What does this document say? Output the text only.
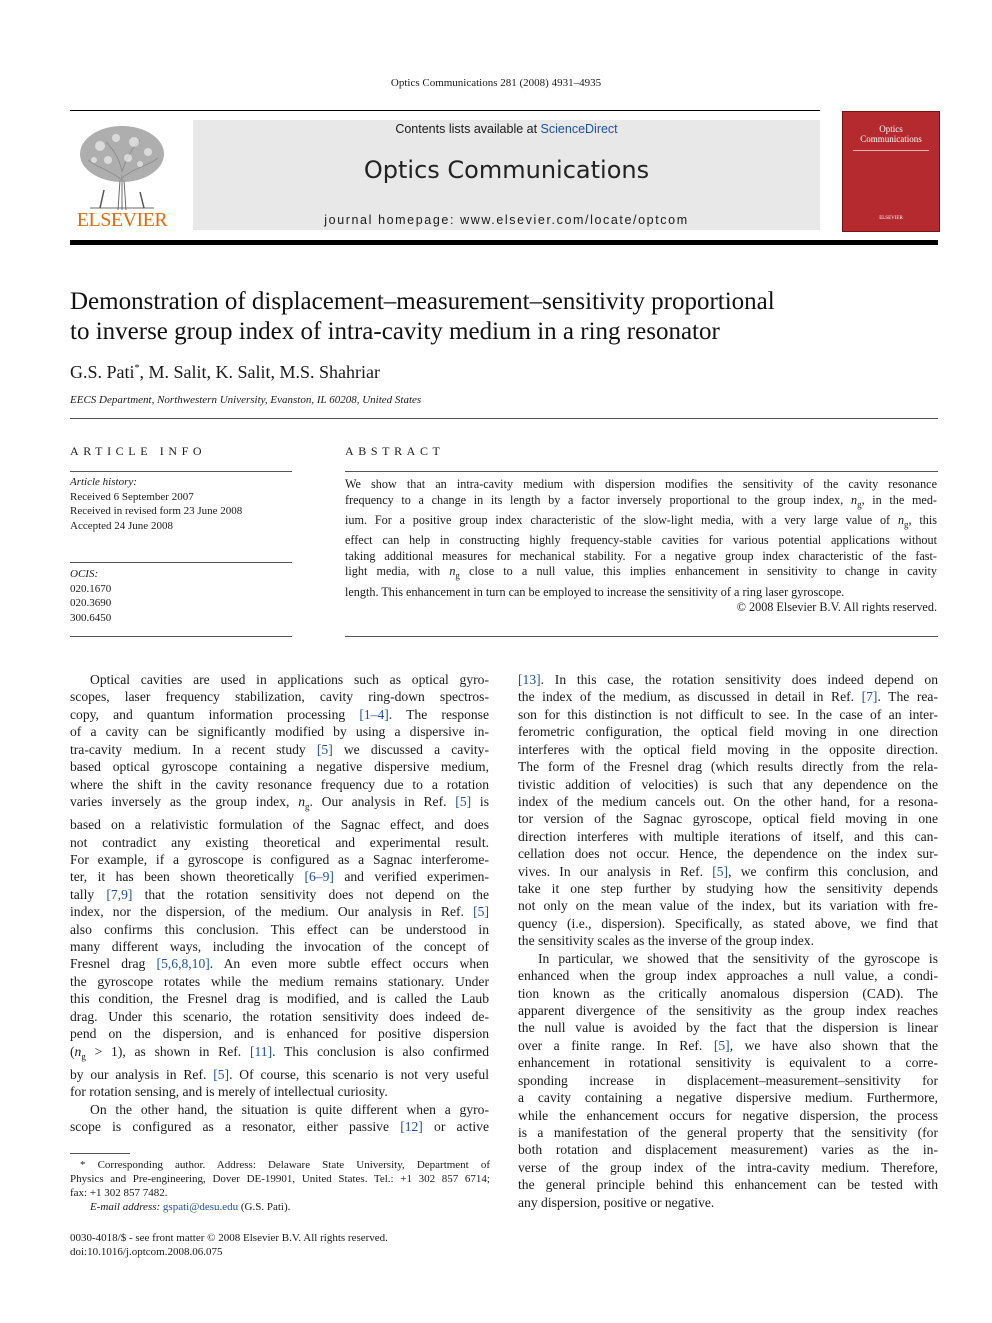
Optics Communications 281 (2008) 4931–4935
ELSEVIER
Contents lists available at ScienceDirect
Optics Communications
journal homepage: www.elsevier.com/locate/optcom
Optics
Communications
ELSEVIER
Demonstration of displacement–measurement–sensitivity proportional
to inverse group index of intra-cavity medium in a ring resonator
G.S. Pati*, M. Salit, K. Salit, M.S. Shahriar
EECS Department, Northwestern University, Evanston, IL 60208, United States
ARTICLE INFO
Article history:
Received 6 September 2007
Received in revised form 23 June 2008
Accepted 24 June 2008
OCIS:
020.1670
020.3690
300.6450
ABSTRACT
We show that an intra-cavity medium with dispersion modifies the sensitivity of the cavity resonance
frequency to a change in its length by a factor inversely proportional to the group index, $n_g$, in the med-
ium. For a positive group index characteristic of the slow-light media, with a very large value of $n_g$, this
effect can help in constructing highly frequency-stable cavities for various potential applications without
taking additional measures for mechanical stability. For a negative group index characteristic of the fast-
light media, with $n_g$ close to a null value, this implies enhancement in sensitivity to change in cavity
length. This enhancement in turn can be employed to increase the sensitivity of a ring laser gyroscope.
© 2008 Elsevier B.V. All rights reserved.
Optical cavities are used in applications such as optical gyro-
scopes, laser frequency stabilization, cavity ring-down spectros-
copy, and quantum information processing [1–4]. The response
of a cavity can be significantly modified by using a dispersive in-
tra-cavity medium. In a recent study [5] we discussed a cavity-
based optical gyroscope containing a negative dispersive medium,
where the shift in the cavity resonance frequency due to a rotation
varies inversely as the group index, $n_g$. Our analysis in Ref. [5] is
based on a relativistic formulation of the Sagnac effect, and does
not contradict any existing theoretical and experimental result.
For example, if a gyroscope is configured as a Sagnac interferome-
ter, it has been shown theoretically [6–9] and verified experimen-
tally [7,9] that the rotation sensitivity does not depend on the
index, nor the dispersion, of the medium. Our analysis in Ref. [5]
also confirms this conclusion. This effect can be understood in
many different ways, including the invocation of the concept of
Fresnel drag [5,6,8,10]. An even more subtle effect occurs when
the gyroscope rotates while the medium remains stationary. Under
this condition, the Fresnel drag is modified, and is called the Laub
drag. Under this scenario, the rotation sensitivity does indeed de-
pend on the dispersion, and is enhanced for positive dispersion
$(n_g > 1)$, as shown in Ref. [11]. This conclusion is also confirmed
by our analysis in Ref. [5]. Of course, this scenario is not very useful
for rotation sensing, and is merely of intellectual curiosity.
On the other hand, the situation is quite different when a gyro-
scope is configured as a resonator, either passive [12] or active
[13]. In this case, the rotation sensitivity does indeed depend on
the index of the medium, as discussed in detail in Ref. [7]. The rea-
son for this distinction is not difficult to see. In the case of an inter-
ferometric configuration, the optical field moving in one direction
interferes with the optical field moving in the opposite direction.
The form of the Fresnel drag (which results directly from the rela-
tivistic addition of velocities) is such that any dependence on the
index of the medium cancels out. On the other hand, for a resona-
tor version of the Sagnac gyroscope, optical field moving in one
direction interferes with multiple iterations of itself, and this can-
cellation does not occur. Hence, the dependence on the index sur-
vives. In our analysis in Ref. [5], we confirm this conclusion, and
take it one step further by studying how the sensitivity depends
not only on the mean value of the index, but its variation with fre-
quency (i.e., dispersion). Specifically, as stated above, we find that
the sensitivity scales as the inverse of the group index.
In particular, we showed that the sensitivity of the gyroscope is
enhanced when the group index approaches a null value, a condi-
tion known as the critically anomalous dispersion (CAD). The
apparent divergence of the sensitivity as the group index reaches
the null value is avoided by the fact that the dispersion is linear
over a finite range. In Ref. [5], we have also shown that the
enhancement in rotational sensitivity is equivalent to a corre-
sponding increase in displacement–measurement–sensitivity for
a cavity containing a negative dispersive medium. Furthermore,
while the enhancement occurs for negative dispersion, the process
is a manifestation of the general property that the sensitivity (for
both rotation and displacement measurement) varies as the in-
verse of the group index of the intra-cavity medium. Therefore,
the general principle behind this enhancement can be tested with
any dispersion, positive or negative.
* Corresponding author. Address: Delaware State University, Department of
Physics and Pre-engineering, Dover DE-19901, United States. Tel.: +1 302 857 6714;
fax: +1 302 857 7482.
E-mail address: gspati@desu.edu (G.S. Pati).
0030-4018/$ - see front matter © 2008 Elsevier B.V. All rights reserved.
doi:10.1016/j.optcom.2008.06.075
